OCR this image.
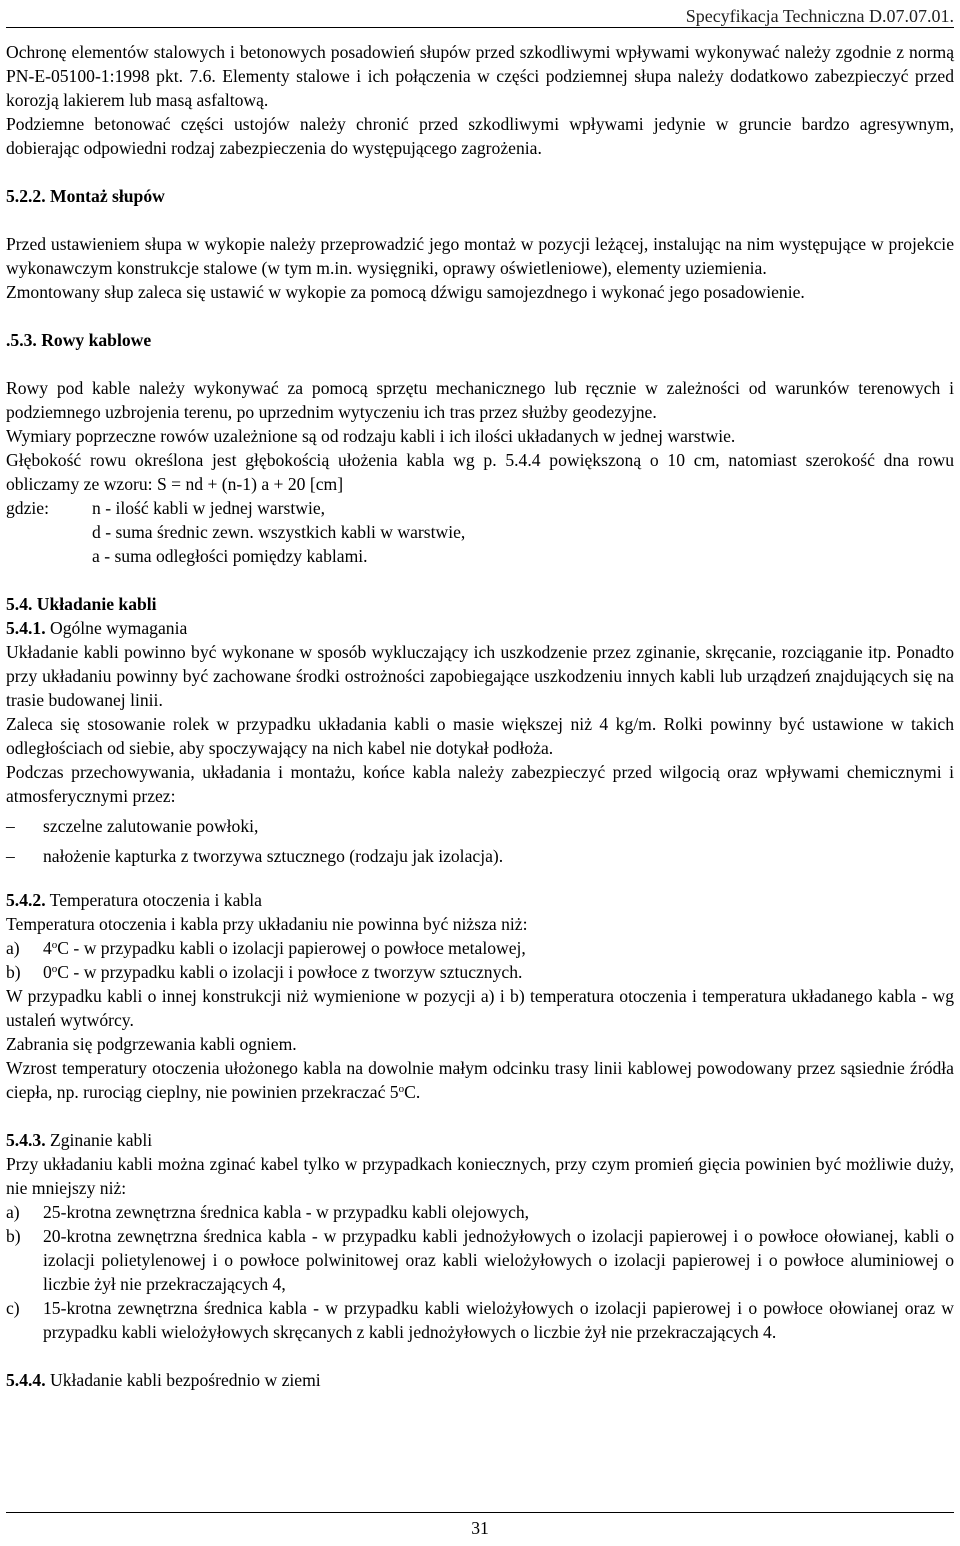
Specyfikacja Techniczna D.07.07.01.

Ochronę elementów stalowych i betonowych posadowień słupów przed szkodliwymi wpływami wykonywać należy zgodnie z normą PN-E-05100-1:1998 pkt. 7.6. Elementy stalowe i ich połączenia w części podziemnej słupa należy dodatkowo zabezpieczyć przed korozją lakierem lub masą asfaltową.

Podziemne betonować części ustojów należy chronić przed szkodliwymi wpływami jedynie w gruncie bardzo agresywnym, dobierając odpowiedni rodzaj zabezpieczenia do występującego zagrożenia.

5.2.2. Montaż słupów

Przed ustawieniem słupa w wykopie należy przeprowadzić jego montaż w pozycji leżącej, instalując na nim występujące w projekcie wykonawczym konstrukcje stalowe (w tym m.in. wysięgniki, oprawy oświetleniowe), elementy uziemienia.

Zmontowany słup zaleca się ustawić w wykopie za pomocą dźwigu samojezdnego i wykonać jego posadowienie.

.5.3. Rowy kablowe

Rowy pod kable należy wykonywać za pomocą sprzętu mechanicznego lub ręcznie w zależności od warunków terenowych i podziemnego uzbrojenia terenu, po uprzednim wytyczeniu ich tras przez służby geodezyjne.

Wymiary poprzeczne rowów uzależnione są od rodzaju kabli i ich ilości układanych w jednej warstwie.

Głębokość rowu określona jest głębokością ułożenia kabla wg p. 5.4.4 powiększoną o 10 cm, natomiast szerokość dna rowu obliczamy ze wzoru: S = nd + (n-1) a + 20 [cm]

gdzie:	n - ilość kabli w jednej warstwie,

d - suma średnic zewn. wszystkich kabli w warstwie,

a - suma odległości pomiędzy kablami.

5.4. Układanie kabli

5.4.1. Ogólne wymagania

Układanie kabli powinno być wykonane w sposób wykluczający ich uszkodzenie przez zginanie, skręcanie, rozciąganie itp. Ponadto przy układaniu powinny być zachowane środki ostrożności zapobiegające uszkodzeniu innych kabli lub urządzeń znajdujących się na trasie budowanej linii.

Zaleca się stosowanie rolek w przypadku układania kabli o masie większej niż 4 kg/m. Rolki powinny być ustawione w takich odległościach od siebie, aby spoczywający na nich kabel nie dotykał podłoża.

Podczas przechowywania, układania i montażu, końce kabla należy zabezpieczyć przed wilgocią oraz wpływami chemicznymi i atmosferycznymi przez:

–	szczelne zalutowanie powłoki,
–	nałożenie kapturka z tworzywa sztucznego (rodzaju jak izolacja).

5.4.2. Temperatura otoczenia i kabla

Temperatura otoczenia i kabla przy układaniu nie powinna być niższa niż:

a)	4$^o$C - w przypadku kabli o izolacji papierowej o powłoce metalowej,
b)	0$^o$C - w przypadku kabli o izolacji i powłoce z tworzyw sztucznych.

W przypadku kabli o innej konstrukcji niż wymienione w pozycji a) i b) temperatura otoczenia i temperatura układanego kabla - wg ustaleń wytwórcy.

Zabrania się podgrzewania kabli ogniem.

Wzrost temperatury otoczenia ułożonego kabla na dowolnie małym odcinku trasy linii kablowej powodowany przez sąsiednie źródła ciepła, np. rurociąg cieplny, nie powinien przekraczać 5$^o$C.

5.4.3. Zginanie kabli

Przy układaniu kabli można zginać kabel tylko w przypadkach koniecznych, przy czym promień gięcia powinien być możliwie duży, nie mniejszy niż:

a)	25-krotna zewnętrzna średnica kabla - w przypadku kabli olejowych,
b)	20-krotna zewnętrzna średnica kabla - w przypadku kabli jednożyłowych o izolacji papierowej i o powłoce ołowianej, kabli o izolacji polietylenowej i o powłoce polwinitowej oraz kabli wielożyłowych o izolacji papierowej i o powłoce aluminiowej o liczbie żył nie przekraczających 4,
c)	15-krotna zewnętrzna średnica kabla - w przypadku kabli wielożyłowych o izolacji papierowej i o powłoce ołowianej oraz w przypadku kabli wielożyłowych skręcanych z kabli jednożyłowych o liczbie żył nie przekraczających 4.

5.4.4. Układanie kabli bezpośrednio w ziemi

31
